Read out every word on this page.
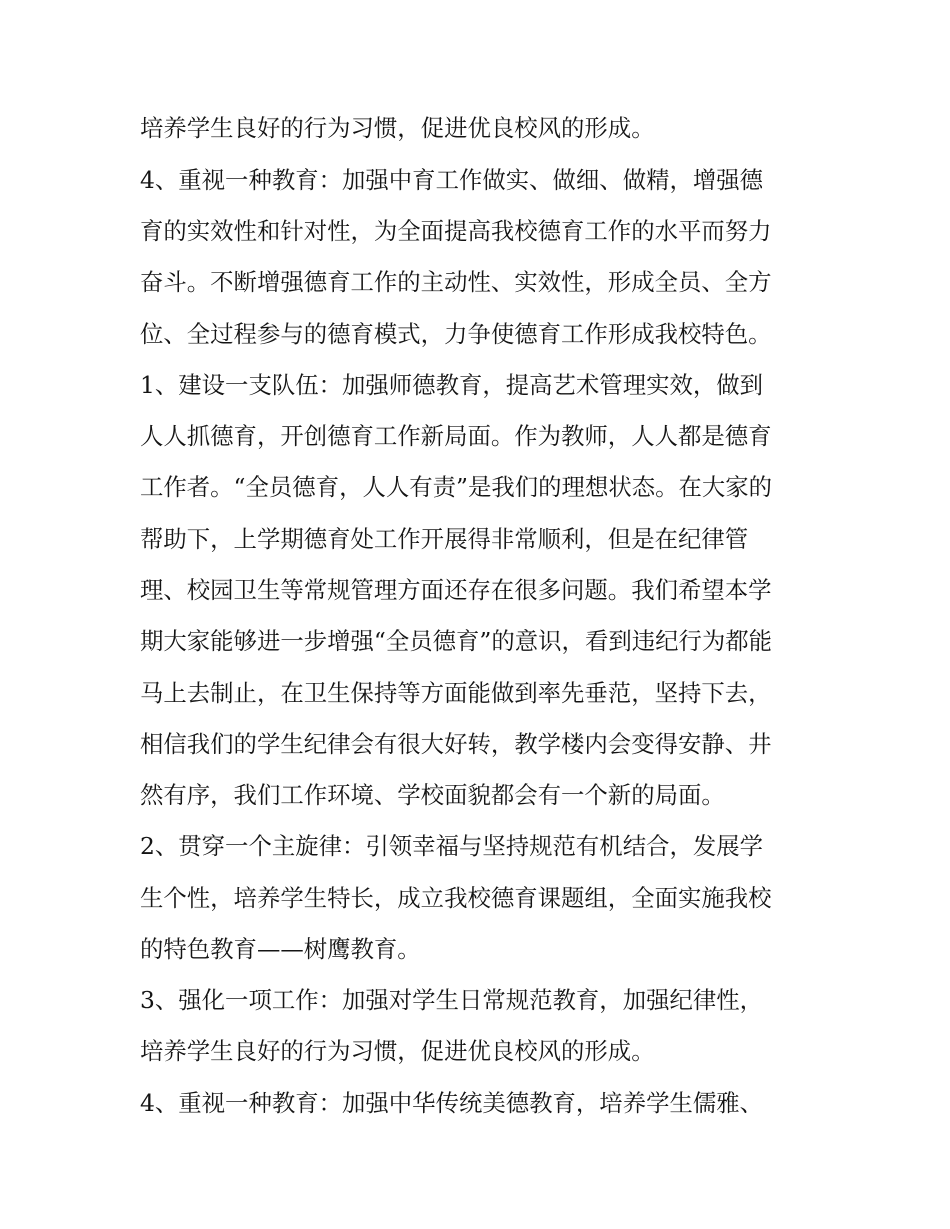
培养学生良好的行为习惯，促进优良校风的形成。
4、重视一种教育：加强中育工作做实、做细、做精，增强德
育的实效性和针对性，为全面提高我校德育工作的水平而努力
奋斗。不断增强德育工作的主动性、实效性，形成全员、全方
位、全过程参与的德育模式，力争使德育工作形成我校特色。
1、建设一支队伍：加强师德教育，提高艺术管理实效，做到
人人抓德育，开创德育工作新局面。作为教师，人人都是德育
工作者。“全员德育，人人有责”是我们的理想状态。在大家的
帮助下，上学期德育处工作开展得非常顺利，但是在纪律管
理、校园卫生等常规管理方面还存在很多问题。我们希望本学
期大家能够进一步增强“全员德育”的意识，看到违纪行为都能
马上去制止，在卫生保持等方面能做到率先垂范，坚持下去，
相信我们的学生纪律会有很大好转，教学楼内会变得安静、井
然有序，我们工作环境、学校面貌都会有一个新的局面。
2、贯穿一个主旋律：引领幸福与坚持规范有机结合，发展学
生个性，培养学生特长，成立我校德育课题组，全面实施我校
的特色教育——树鹰教育。
3、强化一项工作：加强对学生日常规范教育，加强纪律性，
培养学生良好的行为习惯，促进优良校风的形成。
4、重视一种教育：加强中华传统美德教育，培养学生儒雅、
